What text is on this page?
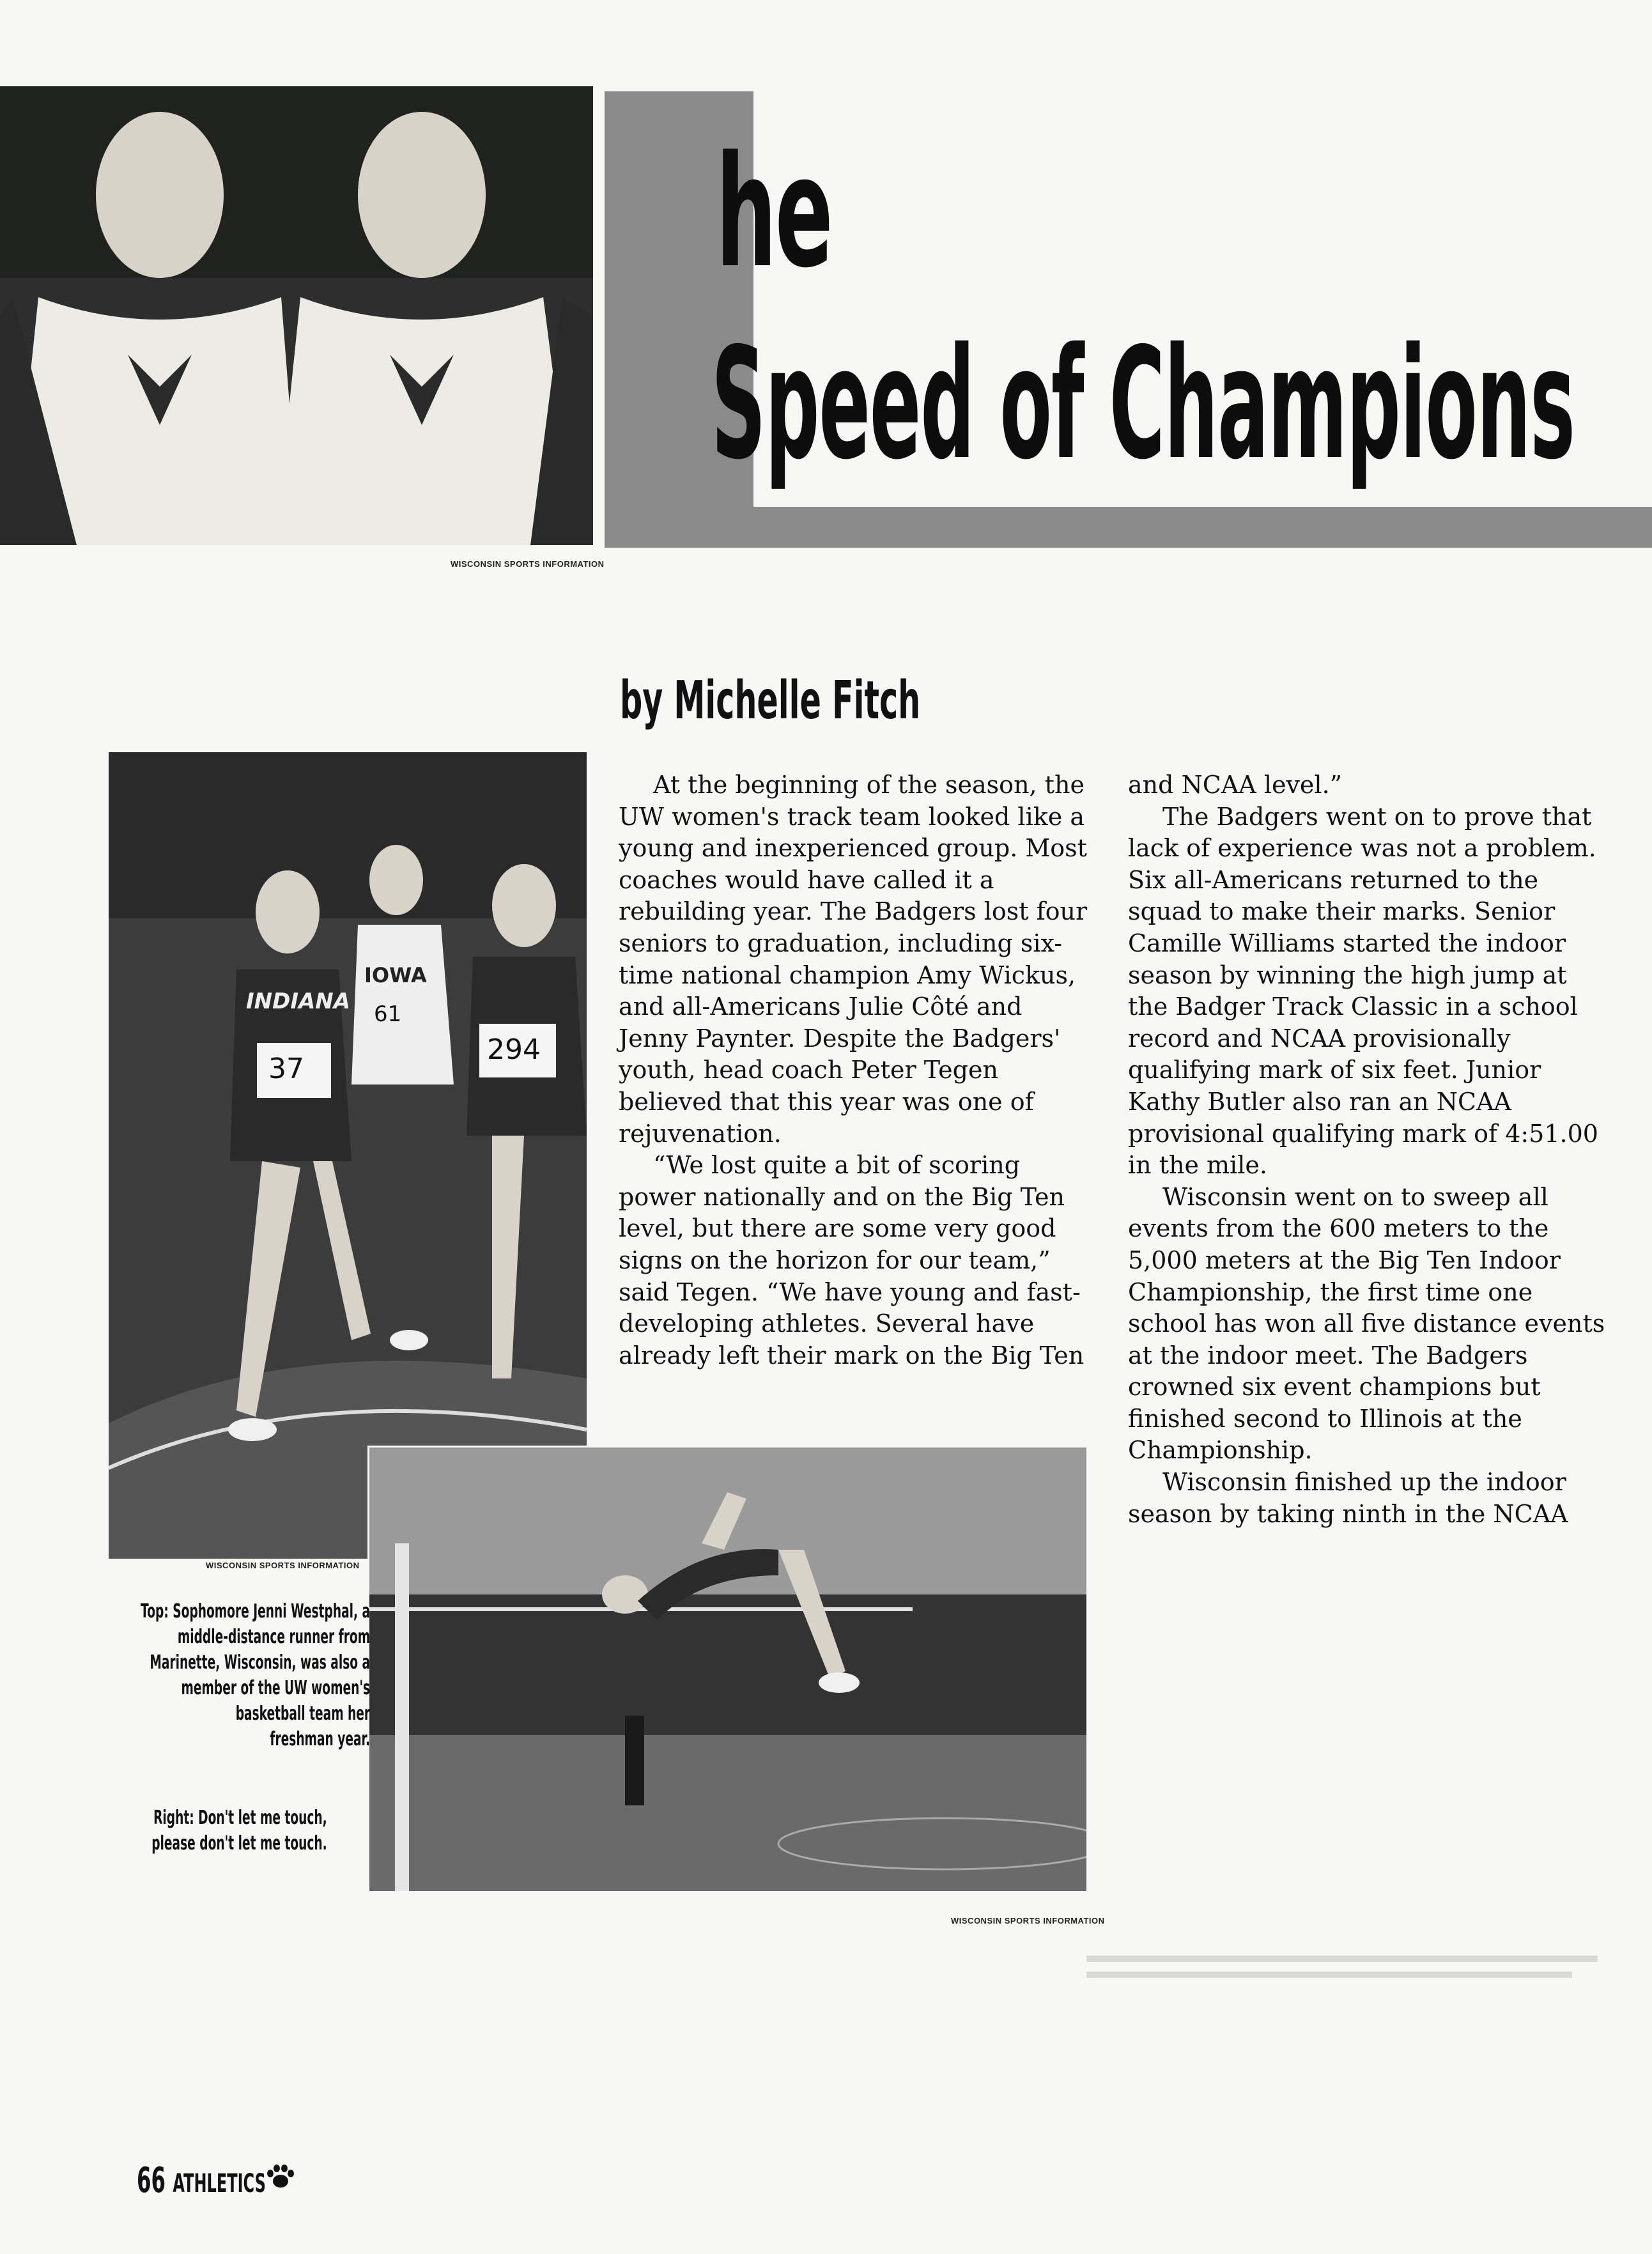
WISCONSIN SPORTS INFORMATION
he
Speed of Champions
by Michelle Fitch
INDIANA
IOWA
37
61
294
WISCONSIN SPORTS INFORMATION
WISCONSIN SPORTS INFORMATION
Top: Sophomore Jenni Westphal, a
middle-distance runner from
Marinette, Wisconsin, was also a
member of the UW women's
basketball team her
freshman year.
Right: Don't let me touch,
please don't let me touch.

At the beginning of the season, the UW women's track team looked like a young and inexperienced group. Most coaches would have called it a rebuilding year. The Badgers lost four seniors to graduation, including six-time national champion Amy Wickus, and all-Americans Julie Côté and Jenny Paynter. Despite the Badgers' youth, head coach Peter Tegen believed that this year was one of rejuvenation.

“We lost quite a bit of scoring power nationally and on the Big Ten level, but there are some very good signs on the horizon for our team,” said Tegen. “We have young and fast-developing athletes. Several have already left their mark on the Big Ten

and NCAA level.”

The Badgers went on to prove that lack of experience was not a problem. Six all-Americans returned to the squad to make their marks. Senior Camille Williams started the indoor season by winning the high jump at the Badger Track Classic in a school record and NCAA provisionally qualifying mark of six feet. Junior Kathy Butler also ran an NCAA provisional qualifying mark of 4:51.00 in the mile.

Wisconsin went on to sweep all events from the 600 meters to the 5,000 meters at the Big Ten Indoor Championship, the first time one school has won all five distance events at the indoor meet. The Badgers crowned six event champions but finished second to Illinois at the Championship.

Wisconsin finished up the indoor season by taking ninth in the NCAA

66 ATHLETICS
